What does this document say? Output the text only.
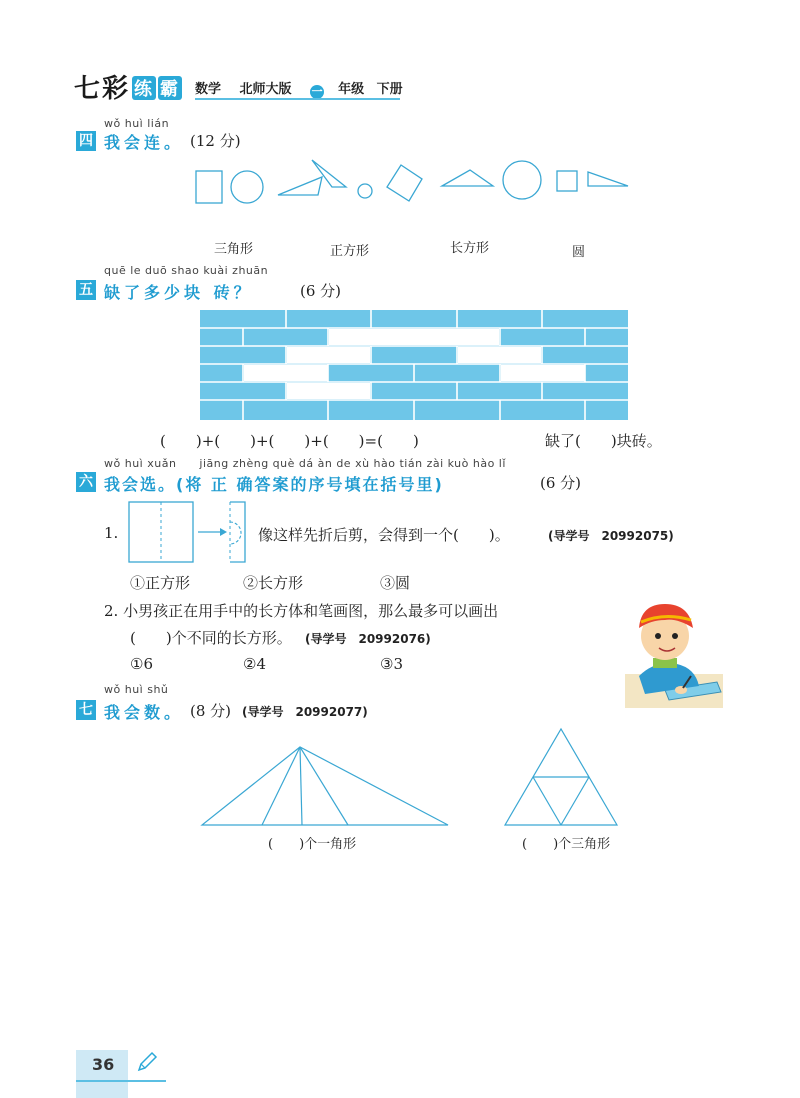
七 彩 练 霸 数学 北师大版 一 年级 下册
wǒ huì lián
四 我会连。 (12 分)
三角形	正方形	长方形	圆
quē le duō shao kuài zhuān
五 缺了多少块 砖？	(6 分)
(　　)+(　　)+(　　)+(　　)=(　　)	缺了(　　)块砖。
wǒ huì xuǎn　　jiāng zhèng què dá àn de xù hào tián zài kuò hào lǐ
六 我会选。(将 正 确答案的序号填在括号里)	(6 分)
1.	像这样先折后剪，会得到一个(　　)。	(导学号　20992075)
①正方形	②长方形	③圆
2. 小男孩正在用手中的长方体和笔画图，那么最多可以画出
(　　)个不同的长方形。 (导学号　20992076)
①6	②4	③3
wǒ huì shǔ
七 我会数。 (8 分) (导学号　20992077)
(　　)个一角形	(　　)个三角形
36
